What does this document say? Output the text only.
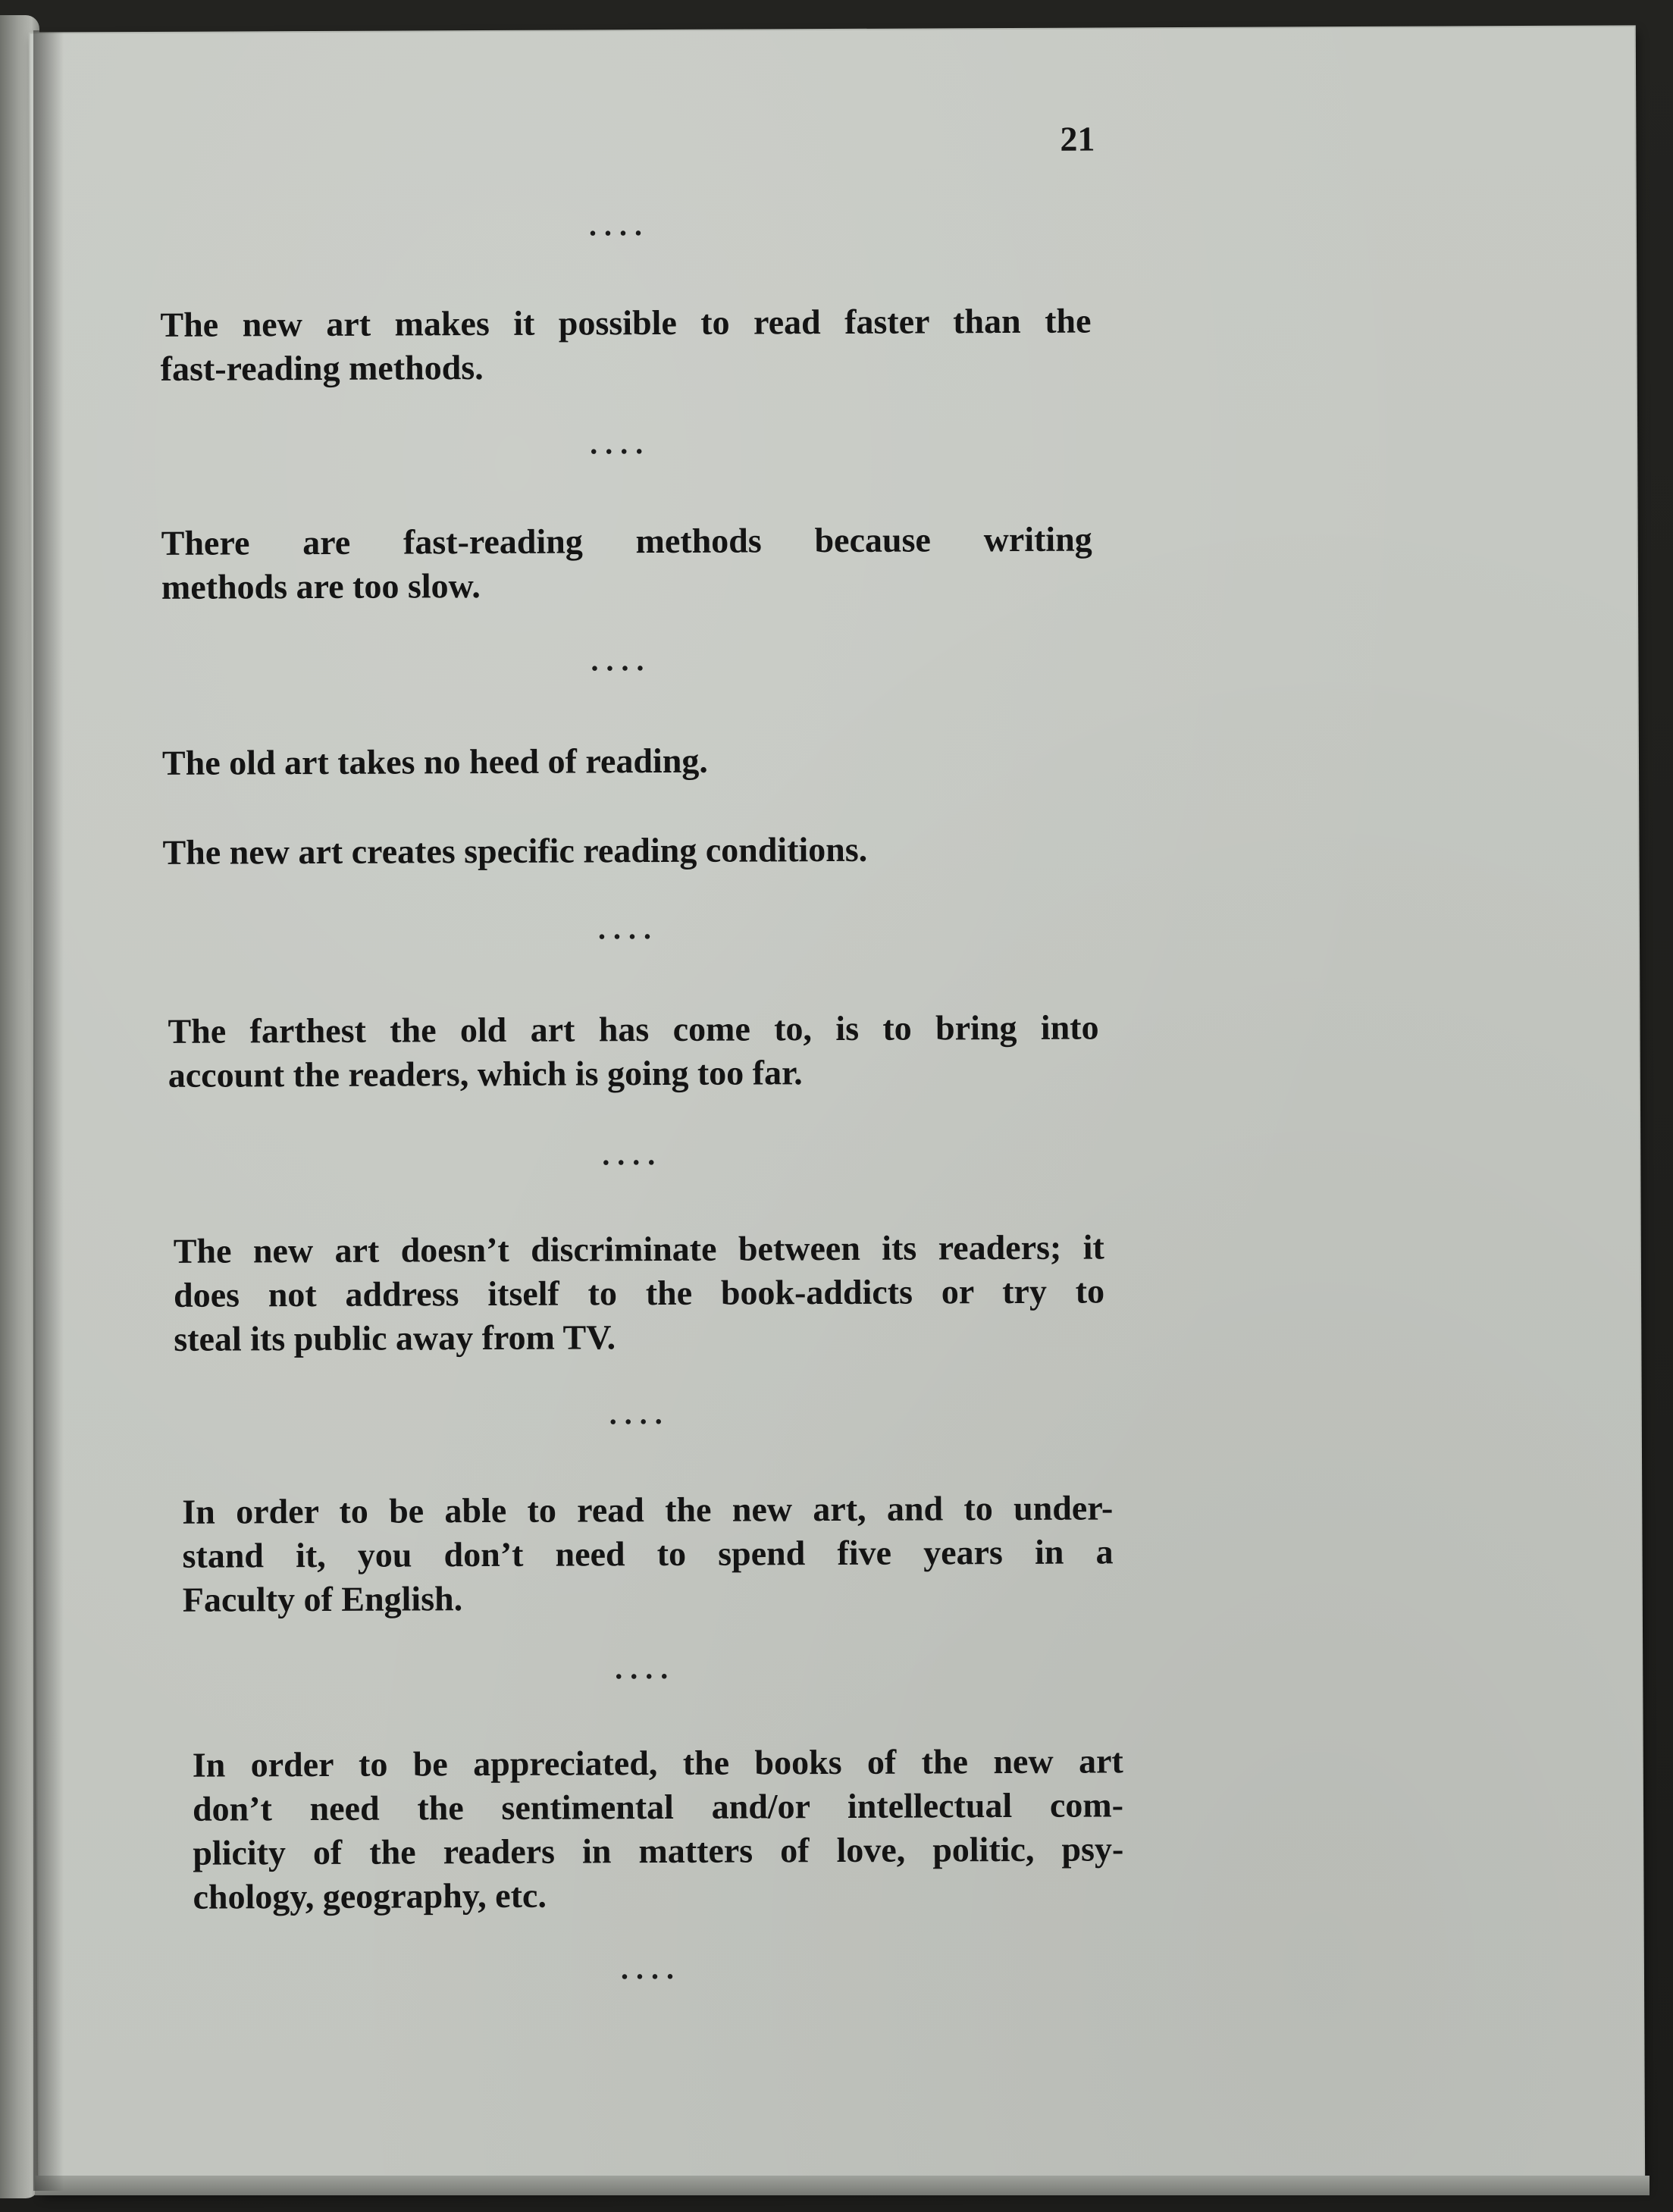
21

....

The new art makes it possible to read faster than the
fast-reading methods.

....

There are fast-reading methods because writing
methods are too slow.

....

The old art takes no heed of reading.
The new art creates specific reading conditions.

....

The farthest the old art has come to, is to bring into
account the readers, which is going too far.

....

The new art doesn’t discriminate between its readers; it
does not address itself to the book-addicts or try to
steal its public away from TV.

....

In order to be able to read the new art, and to under-
stand it, you don’t need to spend five years in a
Faculty of English.

....

In order to be appreciated, the books of the new art
don’t need the sentimental and/or intellectual com-
plicity of the readers in matters of love, politic, psy-
chology, geography, etc.

....
